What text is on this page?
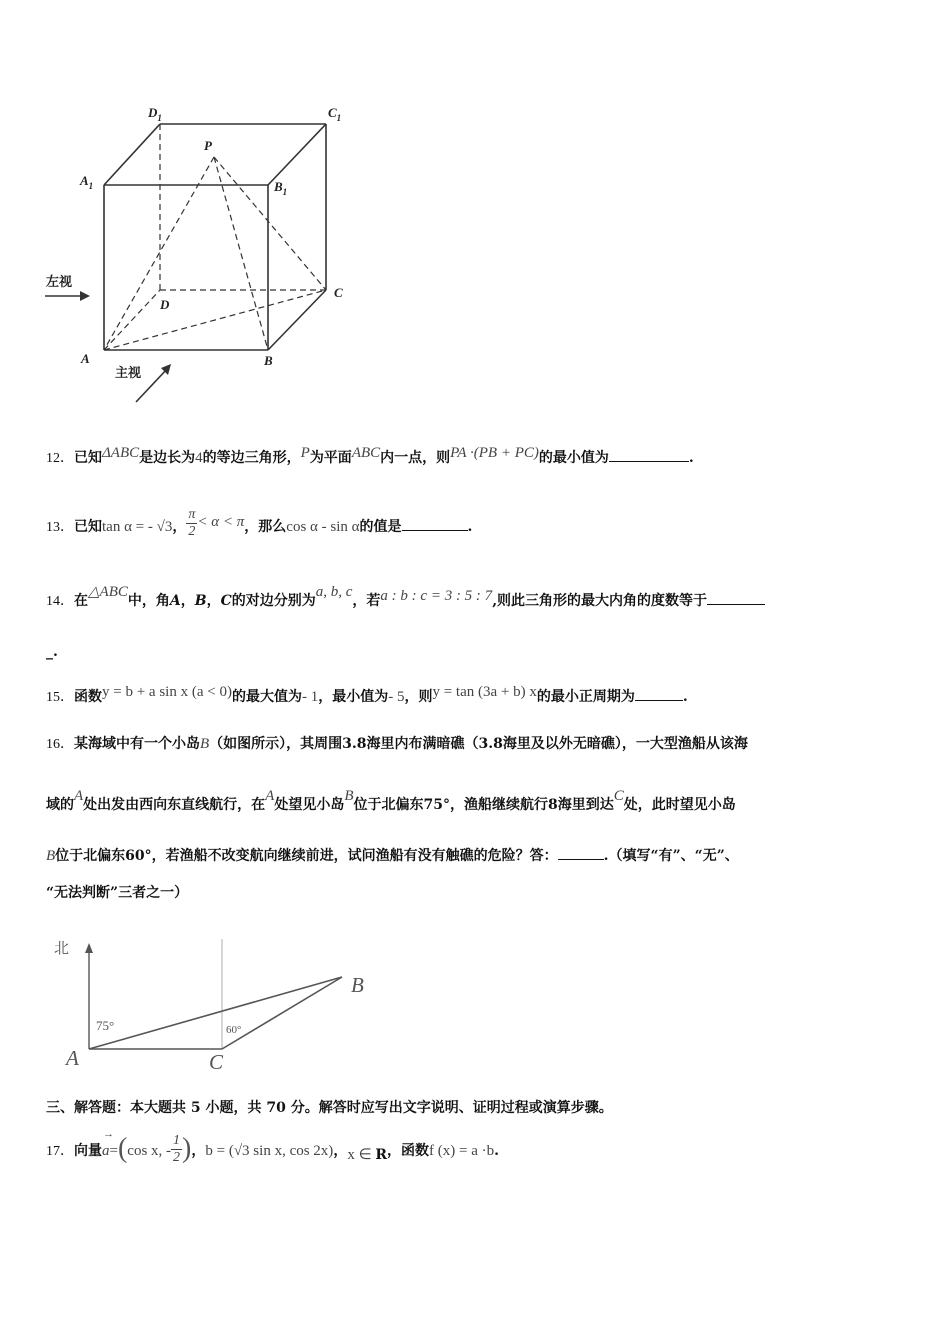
$D_1$	$C_1$
$A_1$	$B_1$
P
D
C
A	B
左视
主视
12．已知ΔABC是边长为4的等边三角形，P为平面ABC内一点，则PA ·(PB + PC)的最小值为	.
13．已知tan α = - √3， $\frac{\pi}{2} < \alpha < \pi$，那么cos α - sin α的值是	.
14．在△ABC中，角A，B，C的对边分别为a, b, c，若a : b : c = 3 : 5 : 7,则此三角形的最大内角的度数等于
_.
15．函数y = b + a sin x (a < 0)的最大值为- 1，最小值为- 5，则y = tan (3a + b) x的最小正周期为	.
16．某海域中有一个小岛B（如图所示），其周围3.8海里内布满暗礁（3.8海里及以外无暗礁），一大型渔船从该海
域的A处出发由西向东直线航行，在A处望见小岛B位于北偏东75°，渔船继续航行8海里到达C处，此时望见小岛
B位于北偏东60°，若渔船不改变航向继续前进，试问渔船有没有触礁的危险？答：	.（填写“有”、“无”、
“无法判断”三者之一）
北
75°	60°
A	C
B
三、解答题：本大题共 5 小题，共 70 分。解答时应写出文字说明、证明过程或演算步骤。
17．向量
→
a=(cos x, - $\frac{1}{2}$ )，b = (√3 sin x, cos 2x)，x ∈ R，函数f (x) = a ·b.
